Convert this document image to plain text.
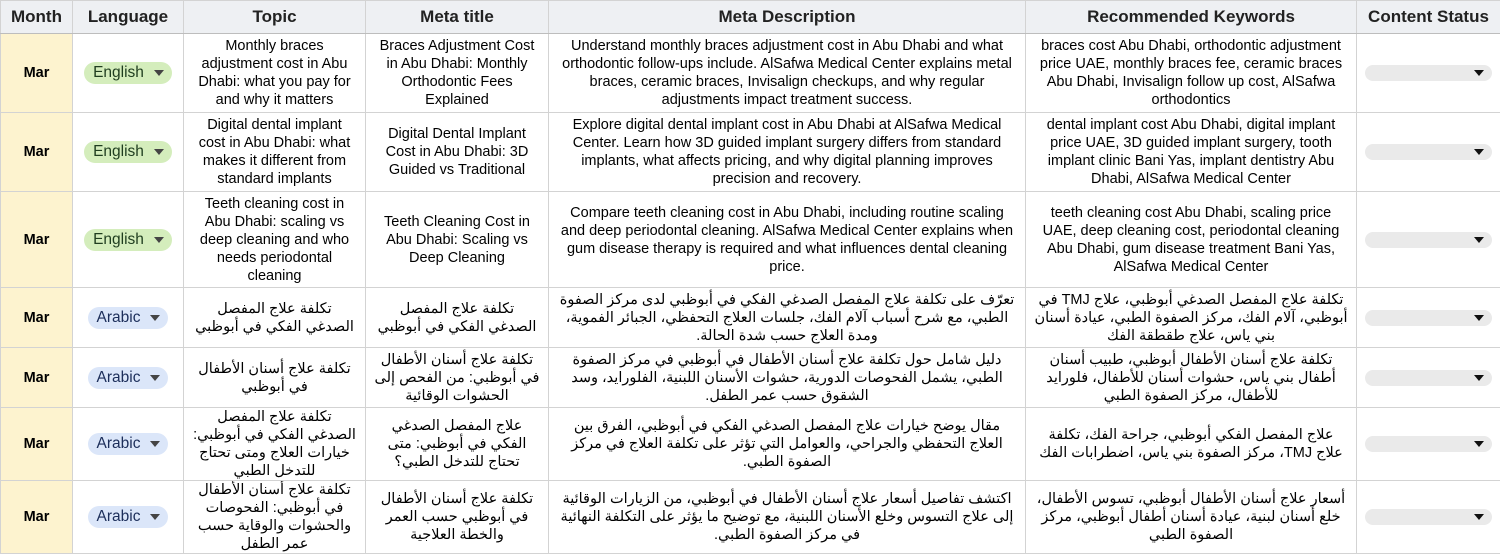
Month	Language	Topic	Meta title	Meta Description	Recommended Keywords	Content Status
Mar	English	Monthly braces adjustment cost in Abu Dhabi: what you pay for and why it matters	Braces Adjustment Cost in Abu Dhabi: Monthly Orthodontic Fees Explained	Understand monthly braces adjustment cost in Abu Dhabi and what orthodontic follow-ups include. AlSafwa Medical Center explains metal braces, ceramic braces, Invisalign checkups, and why regular adjustments impact treatment success.	braces cost Abu Dhabi, orthodontic adjustment price UAE, monthly braces fee, ceramic braces Abu Dhabi, Invisalign follow up cost, AlSafwa orthodontics	

Mar	English	Digital dental implant cost in Abu Dhabi: what makes it different from standard implants	Digital Dental Implant Cost in Abu Dhabi: 3D Guided vs Traditional	Explore digital dental implant cost in Abu Dhabi at AlSafwa Medical Center. Learn how 3D guided implant surgery differs from standard implants, what affects pricing, and why digital planning improves precision and recovery.	dental implant cost Abu Dhabi, digital implant price UAE, 3D guided implant surgery, tooth implant clinic Bani Yas, implant dentistry Abu Dhabi, AlSafwa Medical Center	

Mar	English	Teeth cleaning cost in Abu Dhabi: scaling vs deep cleaning and who needs periodontal cleaning	Teeth Cleaning Cost in Abu Dhabi: Scaling vs Deep Cleaning	Compare teeth cleaning cost in Abu Dhabi, including routine scaling and deep periodontal cleaning. AlSafwa Medical Center explains when gum disease therapy is required and what influences dental cleaning price.	teeth cleaning cost Abu Dhabi, scaling price UAE, deep cleaning cost, periodontal cleaning Abu Dhabi, gum disease treatment Bani Yas, AlSafwa Medical Center	

Mar	Arabic	تكلفة علاج المفصل الصدغي الفكي في أبوظبي	تكلفة علاج المفصل الصدغي الفكي في أبوظبي	تعرّف على تكلفة علاج المفصل الصدغي الفكي في أبوظبي لدى مركز الصفوة الطبي، مع شرح أسباب آلام الفك، جلسات العلاج التحفظي، الجبائر الفموية، ومدة العلاج حسب شدة الحالة.	تكلفة علاج المفصل الصدغي أبوظبي، علاج TMJ في أبوظبي، آلام الفك، مركز الصفوة الطبي، عيادة أسنان بني ياس، علاج طقطقة الفك	

Mar	Arabic	تكلفة علاج أسنان الأطفال في أبوظبي	تكلفة علاج أسنان الأطفال في أبوظبي: من الفحص إلى الحشوات الوقائية	دليل شامل حول تكلفة علاج أسنان الأطفال في أبوظبي في مركز الصفوة الطبي، يشمل الفحوصات الدورية، حشوات الأسنان اللبنية، الفلورايد، وسد الشقوق حسب عمر الطفل.	تكلفة علاج أسنان الأطفال أبوظبي، طبيب أسنان أطفال بني ياس، حشوات أسنان للأطفال، فلورايد للأطفال، مركز الصفوة الطبي	

Mar	Arabic	تكلفة علاج المفصل الصدغي الفكي في أبوظبي: خيارات العلاج ومتى تحتاج للتدخل الطبي	علاج المفصل الصدغي الفكي في أبوظبي: متى تحتاج للتدخل الطبي؟	مقال يوضح خيارات علاج المفصل الصدغي الفكي في أبوظبي، الفرق بين العلاج التحفظي والجراحي، والعوامل التي تؤثر على تكلفة العلاج في مركز الصفوة الطبي.	علاج المفصل الفكي أبوظبي، جراحة الفك، تكلفة علاج TMJ، مركز الصفوة بني ياس، اضطرابات الفك	

Mar	Arabic	تكلفة علاج أسنان الأطفال في أبوظبي: الفحوصات والحشوات والوقاية حسب عمر الطفل	تكلفة علاج أسنان الأطفال في أبوظبي حسب العمر والخطة العلاجية	اكتشف تفاصيل أسعار علاج أسنان الأطفال في أبوظبي، من الزيارات الوقائية إلى علاج التسوس وخلع الأسنان اللبنية، مع توضيح ما يؤثر على التكلفة النهائية في مركز الصفوة الطبي.	أسعار علاج أسنان الأطفال أبوظبي، تسوس الأطفال، خلع أسنان لبنية، عيادة أسنان أطفال أبوظبي، مركز الصفوة الطبي	
